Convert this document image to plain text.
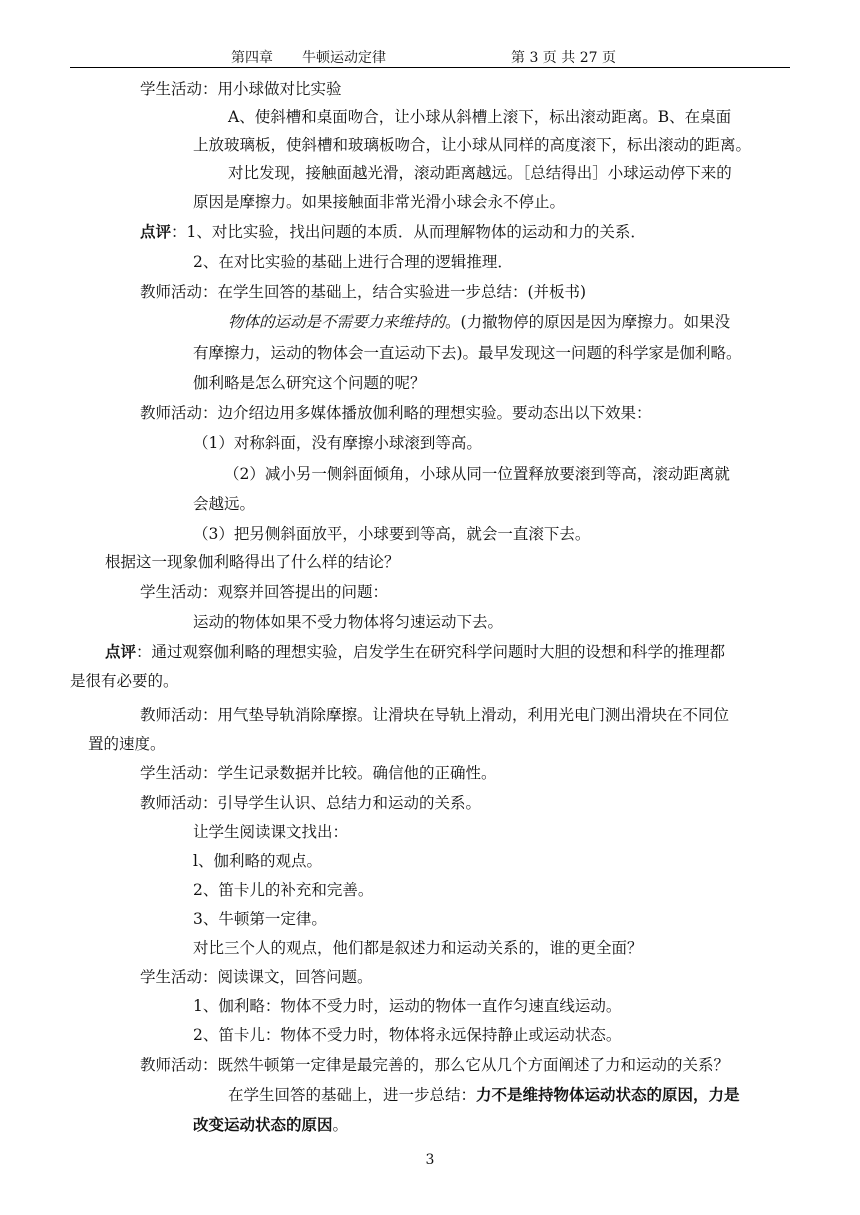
第四章 牛顿运动定律	第 3 页 共 27 页
学生活动：用小球做对比实验
A、使斜槽和桌面吻合，让小球从斜槽上滚下，标出滚动距离。B、在桌面
上放玻璃板，使斜槽和玻璃板吻合，让小球从同样的高度滚下，标出滚动的距离。
对比发现，接触面越光滑，滚动距离越远。［总结得出］小球运动停下来的
原因是摩擦力。如果接触面非常光滑小球会永不停止。
点评：1、对比实验，找出问题的本质．从而理解物体的运动和力的关系．
2、在对比实验的基础上进行合理的逻辑推理．
教师活动：在学生回答的基础上，结合实验进一步总结：(并板书)
物体的运动是不需要力来维持的。(力撤物停的原因是因为摩擦力。如果没
有摩擦力，运动的物体会一直运动下去)。最早发现这一问题的科学家是伽利略。
伽利略是怎么研究这个问题的呢？
教师活动：边介绍边用多媒体播放伽利略的理想实验。要动态出以下效果：
（1）对称斜面，没有摩擦小球滚到等高。
（2）减小另一侧斜面倾角，小球从同一位置释放要滚到等高，滚动距离就
会越远。
（3）把另侧斜面放平，小球要到等高，就会一直滚下去。
根据这一现象伽利略得出了什么样的结论？
学生活动：观察并回答提出的问题：
运动的物体如果不受力物体将匀速运动下去。
点评：通过观察伽利略的理想实验，启发学生在研究科学问题时大胆的设想和科学的推理都
是很有必要的。
教师活动：用气垫导轨消除摩擦。让滑块在导轨上滑动，利用光电门测出滑块在不同位
置的速度。
学生活动：学生记录数据并比较。确信他的正确性。
教师活动：引导学生认识、总结力和运动的关系。
让学生阅读课文找出：
l、伽利略的观点。
2、笛卡儿的补充和完善。
3、牛顿第一定律。
对比三个人的观点，他们都是叙述力和运动关系的，谁的更全面？
学生活动：阅读课文，回答问题。
1、伽利略：物体不受力时，运动的物体一直作匀速直线运动。
2、笛卡儿：物体不受力时，物体将永远保持静止或运动状态。
教师活动：既然牛顿第一定律是最完善的，那么它从几个方面阐述了力和运动的关系？
在学生回答的基础上，进一步总结：力不是维持物体运动状态的原因，力是
改变运动状态的原因。
3
